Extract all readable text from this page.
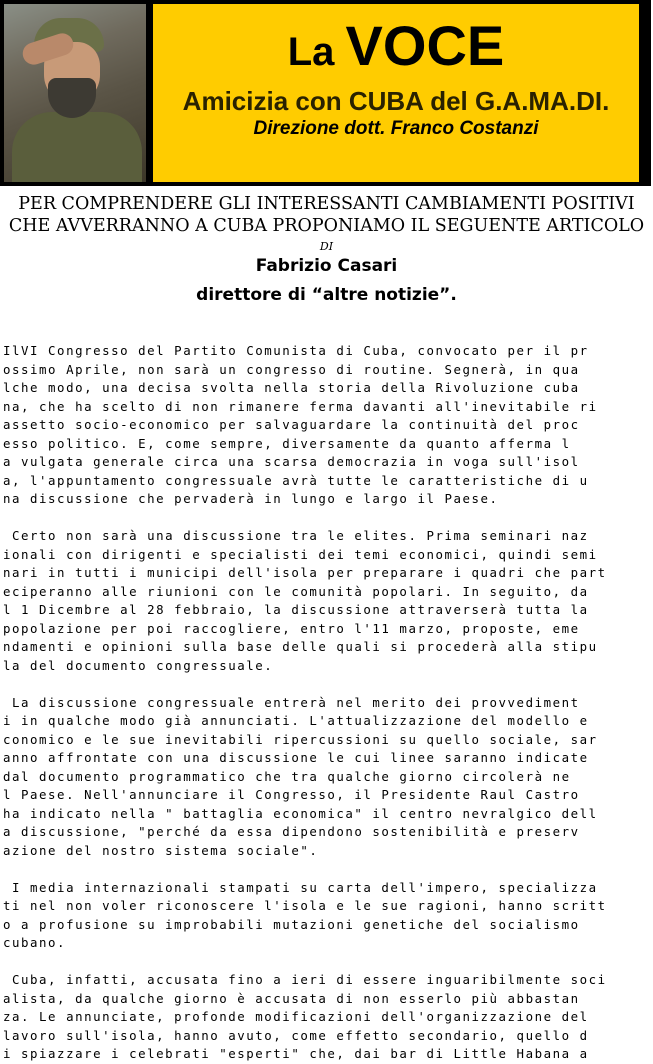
La VOCE
Amicizia con CUBA del G.A.MA.DI.
Direzione dott. Franco Costanzi
PER COMPRENDERE GLI INTERESSANTI CAMBIAMENTI POSITIVI
CHE AVVERRANNO A CUBA PROPONIAMO IL SEGUENTE ARTICOLO
DI
Fabrizio Casari
direttore di “altre notizie”.
IlVI Congresso del Partito Comunista di Cuba, convocato per il pr
ossimo Aprile, non sarà un congresso di routine. Segnerà, in qua
lche modo, una decisa svolta nella storia della Rivoluzione cuba
na, che ha scelto di non rimanere ferma davanti all'inevitabile ri
assetto socio-economico per salvaguardare la continuità del proc
esso politico. E, come sempre, diversamente da quanto afferma l
a vulgata generale circa una scarsa democrazia in voga sull'isol
a, l'appuntamento congressuale avrà tutte le caratteristiche di u
na discussione che pervaderà in lungo e largo il Paese.
Certo non sarà una discussione tra le elites. Prima seminari naz
ionali con dirigenti e specialisti dei temi economici, quindi semi
nari in tutti i municipi dell'isola per preparare i quadri che part
eciperanno alle riunioni con le comunità popolari. In seguito, da
l 1 Dicembre al 28 febbraio, la discussione attraverserà tutta la
popolazione per poi raccogliere, entro l'11 marzo, proposte, eme
ndamenti e opinioni sulla base delle quali si procederà alla stipu
la del documento congressuale.
La discussione congressuale entrerà nel merito dei provvediment
i in qualche modo già annunciati. L'attualizzazione del modello e
conomico e le sue inevitabili ripercussioni su quello sociale, sar
anno affrontate con una discussione le cui linee saranno indicate
dal documento programmatico che tra qualche giorno circolerà ne
l Paese. Nell'annunciare il Congresso, il Presidente Raul Castro
ha indicato nella " battaglia economica" il centro nevralgico dell
a discussione, "perché da essa dipendono sostenibilità e preserv
azione del nostro sistema sociale".
I media internazionali stampati su carta dell'impero, specializza
ti nel non voler riconoscere l'isola e le sue ragioni, hanno scritt
o a profusione su improbabili mutazioni genetiche del socialismo
cubano.
Cuba, infatti, accusata fino a ieri di essere inguaribilmente soci
alista, da qualche giorno è accusata di non esserlo più abbastan
za. Le annunciate, profonde modificazioni dell'organizzazione del
lavoro sull'isola, hanno avuto, come effetto secondario, quello d
i spiazzare i celebrati "esperti" che, dai bar di Little Habana a
